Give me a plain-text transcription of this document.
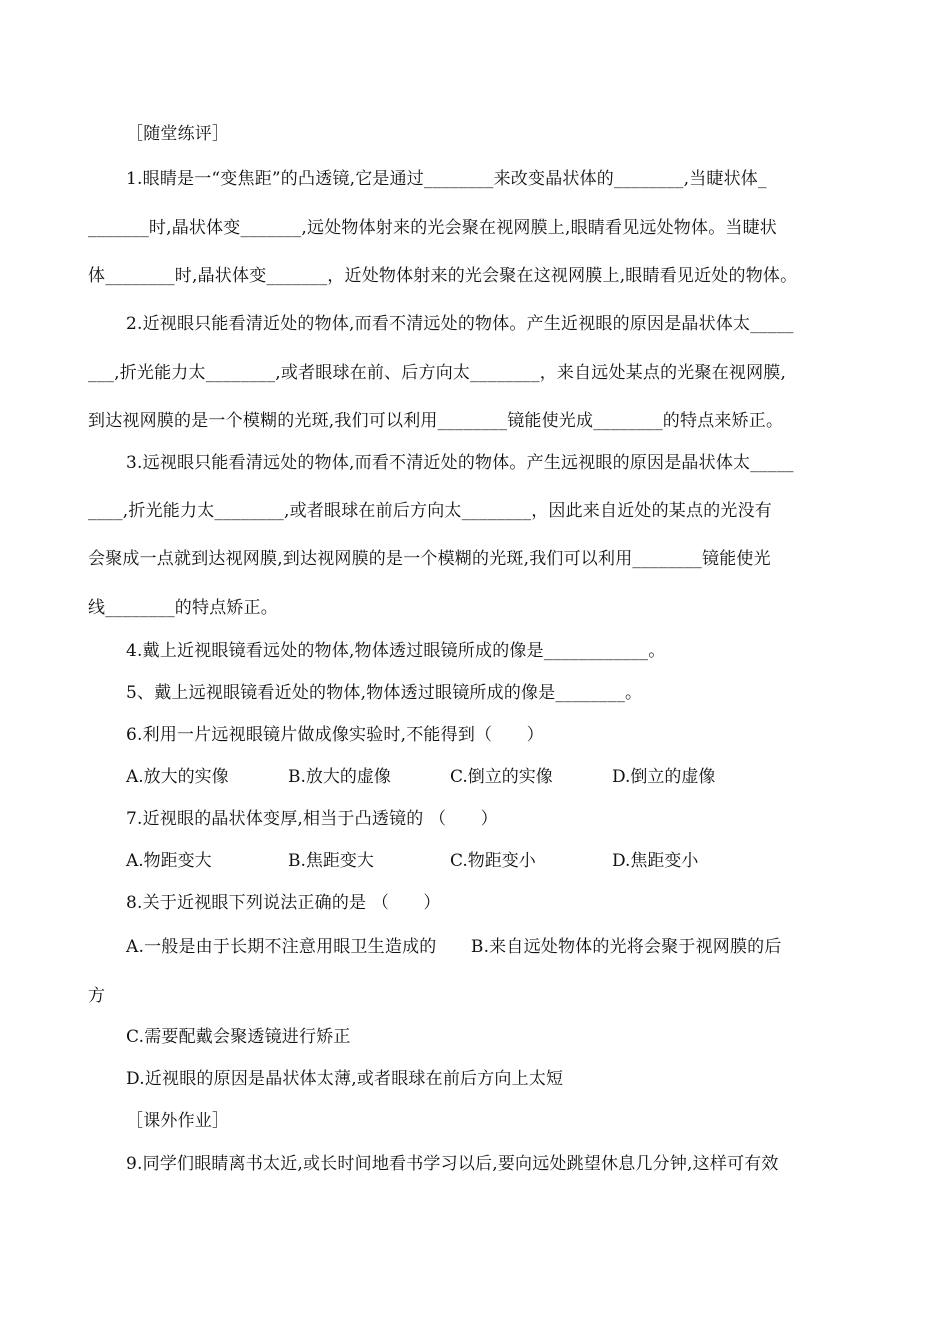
［随堂练评］
1.眼睛是一“变焦距”的凸透镜,它是通过________来改变晶状体的________,当睫状体_
_______时,晶状体变_______,远处物体射来的光会聚在视网膜上,眼睛看见远处物体。当睫状
体________时,晶状体变_______，近处物体射来的光会聚在这视网膜上,眼睛看见近处的物体。
2.近视眼只能看清近处的物体,而看不清远处的物体。产生近视眼的原因是晶状体太_____
___,折光能力太________,或者眼球在前、后方向太________，来自远处某点的光聚在视网膜,
到达视网膜的是一个模糊的光斑,我们可以利用________镜能使光成________的特点来矫正。
3.远视眼只能看清远处的物体,而看不清近处的物体。产生远视眼的原因是晶状体太_____
____,折光能力太________,或者眼球在前后方向太________，因此来自近处的某点的光没有
会聚成一点就到达视网膜,到达视网膜的是一个模糊的光斑,我们可以利用________镜能使光
线________的特点矫正。
4.戴上近视眼镜看远处的物体,物体透过眼镜所成的像是____________。
5、戴上远视眼镜看近处的物体,物体透过眼镜所成的像是________。
6.利用一片远视眼镜片做成像实验时,不能得到（　　）
A.放大的实像	B.放大的虚像	C.倒立的实像	D.倒立的虚像
7.近视眼的晶状体变厚,相当于凸透镜的 （　　）
A.物距变大	B.焦距变大	C.物距变小	D.焦距变小
8.关于近视眼下列说法正确的是 （　　）
A.一般是由于长期不注意用眼卫生造成的　　B.来自远处物体的光将会聚于视网膜的后
方
C.需要配戴会聚透镜进行矫正
D.近视眼的原因是晶状体太薄,或者眼球在前后方向上太短
［课外作业］
9.同学们眼睛离书太近,或长时间地看书学习以后,要向远处跳望休息几分钟,这样可有效
